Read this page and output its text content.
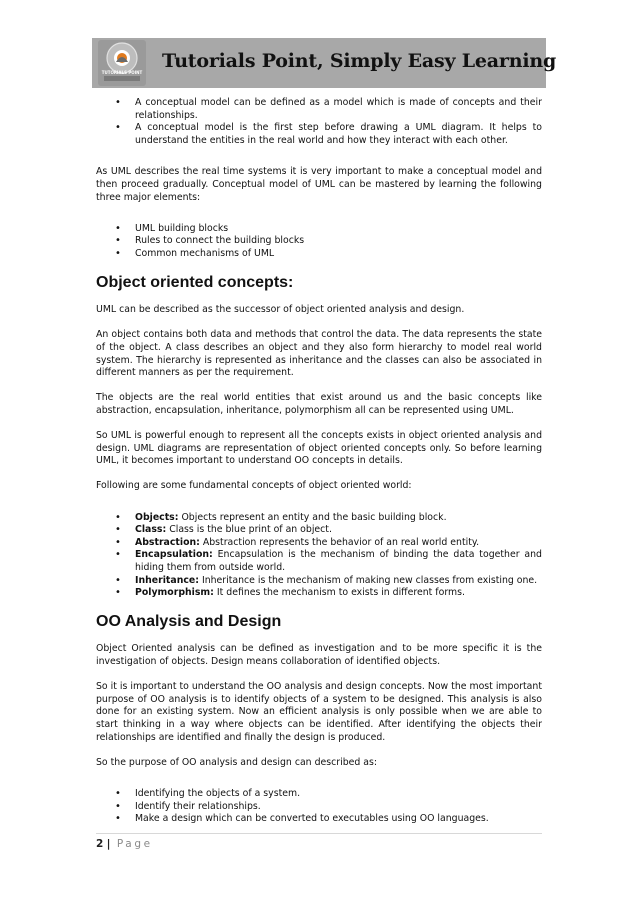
TUTORIALS POINT
Tutorials Point, Simply Easy Learning
• A conceptual model can be defined as a model which is made of concepts and their relationships.
• A conceptual model is the first step before drawing a UML diagram. It helps to understand the entities in the real world and how they interact with each other.

As UML describes the real time systems it is very important to make a conceptual model and then proceed gradually. Conceptual model of UML can be mastered by learning the following three major elements:

• UML building blocks
• Rules to connect the building blocks
• Common mechanisms of UML
Object oriented concepts:

UML can be described as the successor of object oriented analysis and design.

An object contains both data and methods that control the data. The data represents the state of the object. A class describes an object and they also form hierarchy to model real world system. The hierarchy is represented as inheritance and the classes can also be associated in different manners as per the requirement.

The objects are the real world entities that exist around us and the basic concepts like abstraction, encapsulation, inheritance, polymorphism all can be represented using UML.

So UML is powerful enough to represent all the concepts exists in object oriented analysis and design. UML diagrams are representation of object oriented concepts only. So before learning UML, it becomes important to understand OO concepts in details.

Following are some fundamental concepts of object oriented world:

• Objects: Objects represent an entity and the basic building block.
• Class: Class is the blue print of an object.
• Abstraction: Abstraction represents the behavior of an real world entity.
• Encapsulation: Encapsulation is the mechanism of binding the data together and hiding them from outside world.
• Inheritance: Inheritance is the mechanism of making new classes from existing one.
• Polymorphism: It defines the mechanism to exists in different forms.
OO Analysis and Design

Object Oriented analysis can be defined as investigation and to be more specific it is the investigation of objects. Design means collaboration of identified objects.

So it is important to understand the OO analysis and design concepts. Now the most important purpose of OO analysis is to identify objects of a system to be designed. This analysis is also done for an existing system. Now an efficient analysis is only possible when we are able to start thinking in a way where objects can be identified. After identifying the objects their relationships are identified and finally the design is produced.

So the purpose of OO analysis and design can described as:

• Identifying the objects of a system.
• Identify their relationships.
• Make a design which can be converted to executables using OO languages.
2 | Page
